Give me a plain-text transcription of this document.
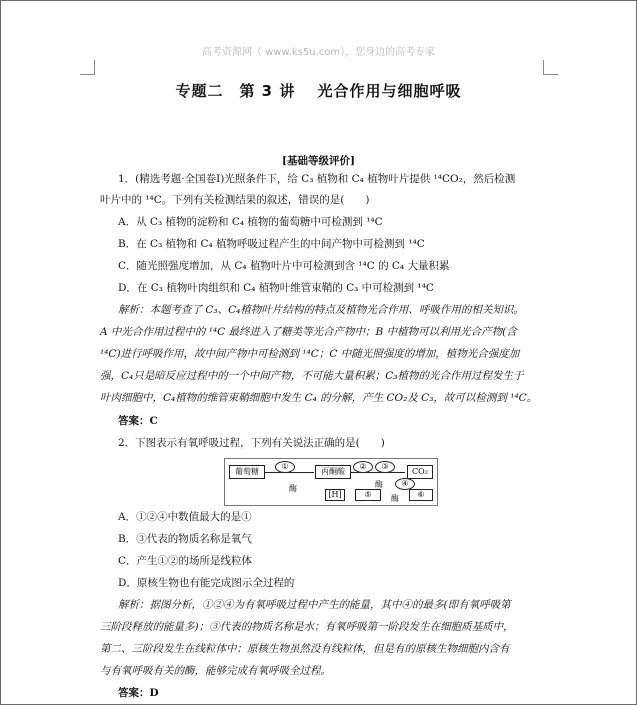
高考资源网（ www.ks5u.com），您身边的高考专家
专题二　第 3 讲　 光合作用与细胞呼吸
[基础等级评价]
1．(精选考题·全国卷Ⅰ)光照条件下，给 C₃ 植物和 C₄ 植物叶片提供 ¹⁴CO₂，然后检测
叶片中的 ¹⁴C。下列有关检测结果的叙述，错误的是(　　)
A．从 C₃ 植物的淀粉和 C₄ 植物的葡萄糖中可检测到 ¹⁴C
B．在 C₃ 植物和 C₄ 植物呼吸过程产生的中间产物中可检测到 ¹⁴C
C．随光照强度增加，从 C₄ 植物叶片中可检测到含 ¹⁴C 的 C₄ 大量积累
D．在 C₃ 植物叶肉组织和 C₄ 植物叶维管束鞘的 C₃ 中可检测到 ¹⁴C
解析：本题考查了 C₃、C₄植物叶片结构的特点及植物光合作用、呼吸作用的相关知识。
A 中光合作用过程中的 ¹⁴C 最终进入了糖类等光合产物中；B 中植物可以利用光合产物(含
¹⁴C)进行呼吸作用，故中间产物中可检测到 ¹⁴C；C 中随光照强度的增加，植物光合强度加
强，C₄只是暗反应过程中的一个中间产物，不可能大量积累；C₃植物的光合作用过程发生于
叶肉细胞中，C₄植物的维管束鞘细胞中发生 C₄ 的分解，产生 CO₂及 C₃，故可以检测到 ¹⁴C。
答案：C
2．下图表示有氧呼吸过程，下列有关说法正确的是(　　)
葡萄糖
①
酶
丙酮酸
②	③
CO₂
[H]
④
酶
⑤	酶	⑥
A．①②④中数值最大的是①
B．③代表的物质名称是氧气
C．产生①②的场所是线粒体
D．原核生物也有能完成图示全过程的
解析：据图分析，①②④为有氧呼吸过程中产生的能量，其中④的最多(即有氧呼吸第
三阶段释放的能量多)；③代表的物质名称是水；有氧呼吸第一阶段发生在细胞质基质中，
第二、三阶段发生在线粒体中；原核生物虽然没有线粒体，但是有的原核生物细胞内含有
与有氧呼吸有关的酶，能够完成有氧呼吸全过程。
答案：D
